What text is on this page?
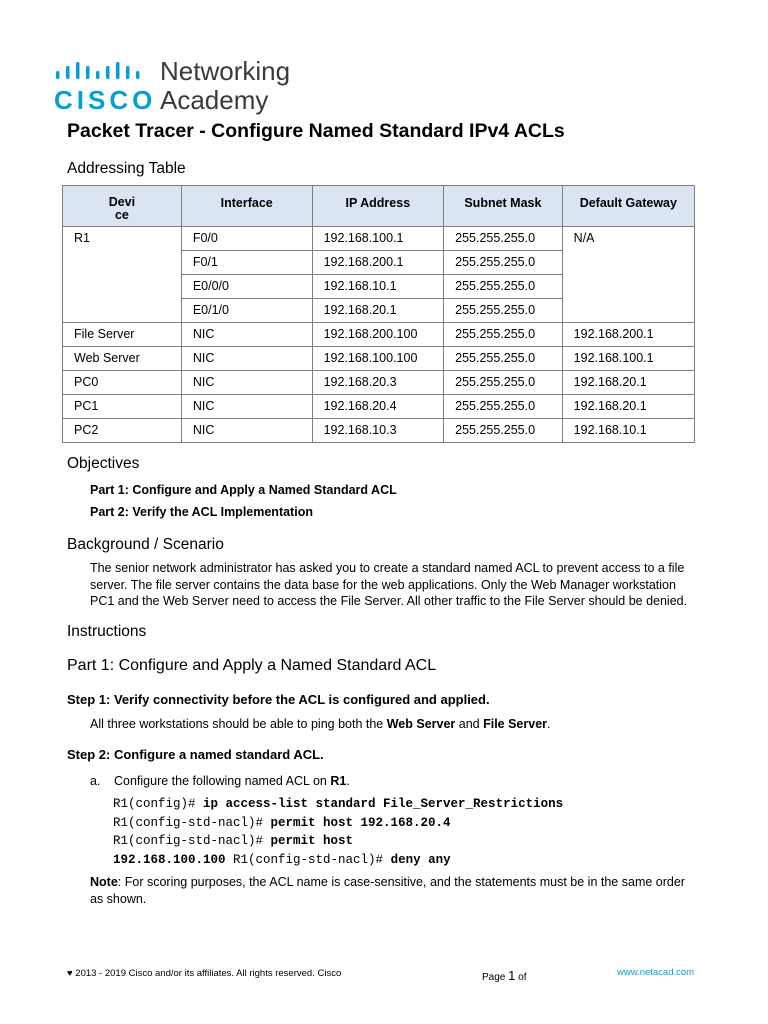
CISCO
Networking
Academy
Packet Tracer - Configure Named Standard IPv4 ACLs
Addressing Table
Devi
ce	Interface	IP Address	Subnet Mask	Default Gateway
R1	F0/0	192.168.100.1	255.255.255.0	N/A
	F0/1	192.168.200.1	255.255.255.0	
	E0/0/0	192.168.10.1	255.255.255.0	
	E0/1/0	192.168.20.1	255.255.255.0	
File Server	NIC	192.168.200.100	255.255.255.0	192.168.200.1
Web Server	NIC	192.168.100.100	255.255.255.0	192.168.100.1
PC0	NIC	192.168.20.3	255.255.255.0	192.168.20.1
PC1	NIC	192.168.20.4	255.255.255.0	192.168.20.1
PC2	NIC	192.168.10.3	255.255.255.0	192.168.10.1
Objectives
Part 1: Configure and Apply a Named Standard ACL
Part 2: Verify the ACL Implementation
Background / Scenario
The senior network administrator has asked you to create a standard named ACL to prevent access to a file
server. The file server contains the data base for the web applications. Only the Web Manager workstation
PC1 and the Web Server need to access the File Server. All other traffic to the File Server should be denied.
Instructions
Part 1: Configure and Apply a Named Standard ACL
Step 1: Verify connectivity before the ACL is configured and applied.
All three workstations should be able to ping both the Web Server and File Server.
Step 2: Configure a named standard ACL.
a. Configure the following named ACL on R1.
R1(config)# ip access-list standard File_Server_Restrictions
R1(config-std-nacl)# permit host 192.168.20.4
R1(config-std-nacl)# permit host
192.168.100.100 R1(config-std-nacl)# deny any
Note: For scoring purposes, the ACL name is case-sensitive, and the statements must be in the same order
as shown.
♥ 2013 - 2019 Cisco and/or its affiliates. All rights reserved. Cisco	Page 1 of	www.netacad.com
